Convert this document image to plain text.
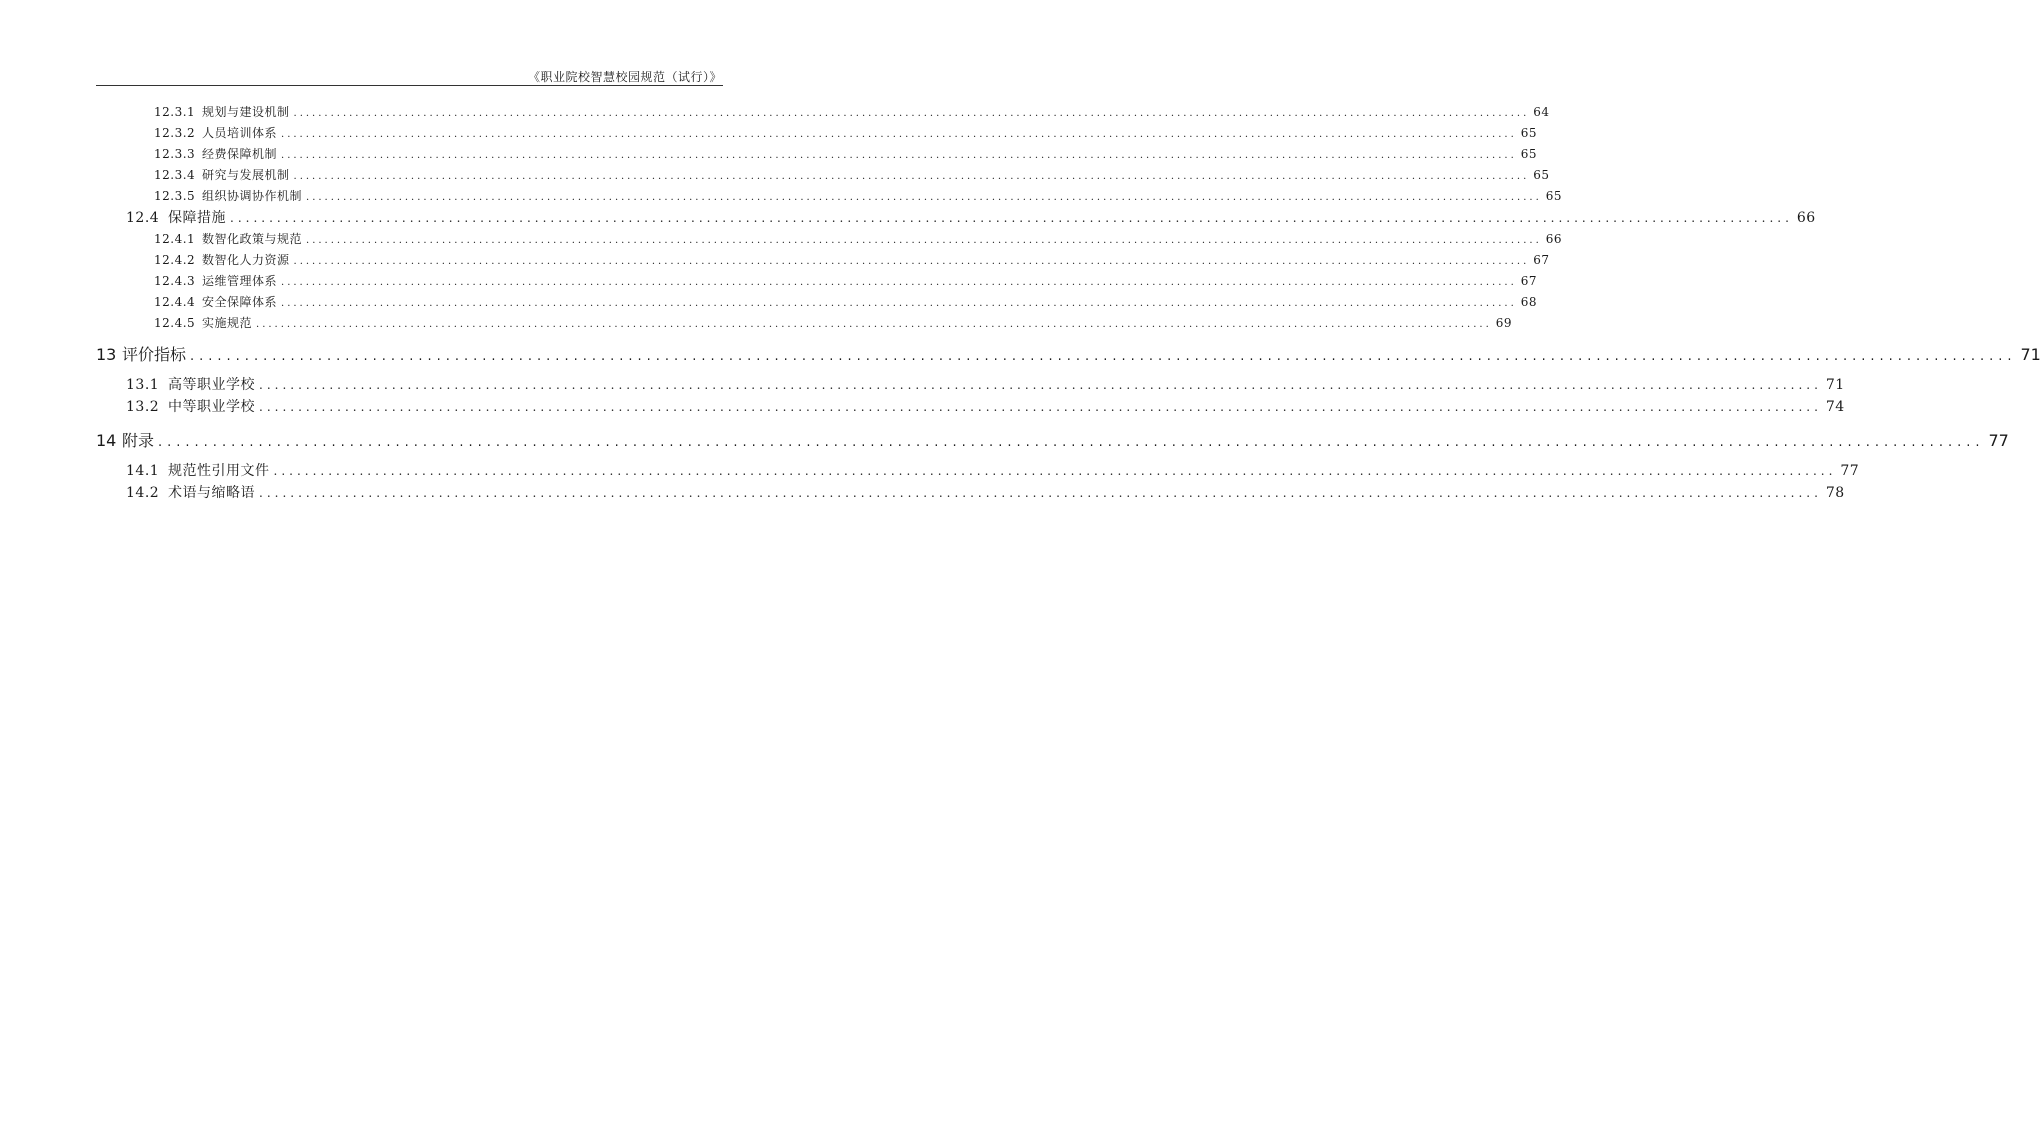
《职业院校智慧校园规范（试行）》
12.3.1 规划与建设机制 ........................................................................................................................................................................................................ 64
12.3.2 人员培训体系 ........................................................................................................................................................................................................ 65
12.3.3 经费保障机制 ........................................................................................................................................................................................................ 65
12.3.4 研究与发展机制 ........................................................................................................................................................................................................ 65
12.3.5 组织协调协作机制 ........................................................................................................................................................................................................ 65
12.4 保障措施 ........................................................................................................................................................................................................ 66
12.4.1 数智化政策与规范 ........................................................................................................................................................................................................ 66
12.4.2 数智化人力资源 ........................................................................................................................................................................................................ 67
12.4.3 运维管理体系 ........................................................................................................................................................................................................ 67
12.4.4 安全保障体系 ........................................................................................................................................................................................................ 68
12.4.5 实施规范 ........................................................................................................................................................................................................ 69
13 评价指标 ........................................................................................................................................................................................................ 71
13.1 高等职业学校 ........................................................................................................................................................................................................ 71
13.2 中等职业学校 ........................................................................................................................................................................................................ 74
14 附录 ........................................................................................................................................................................................................ 77
14.1 规范性引用文件 ........................................................................................................................................................................................................ 77
14.2 术语与缩略语 ........................................................................................................................................................................................................ 78
